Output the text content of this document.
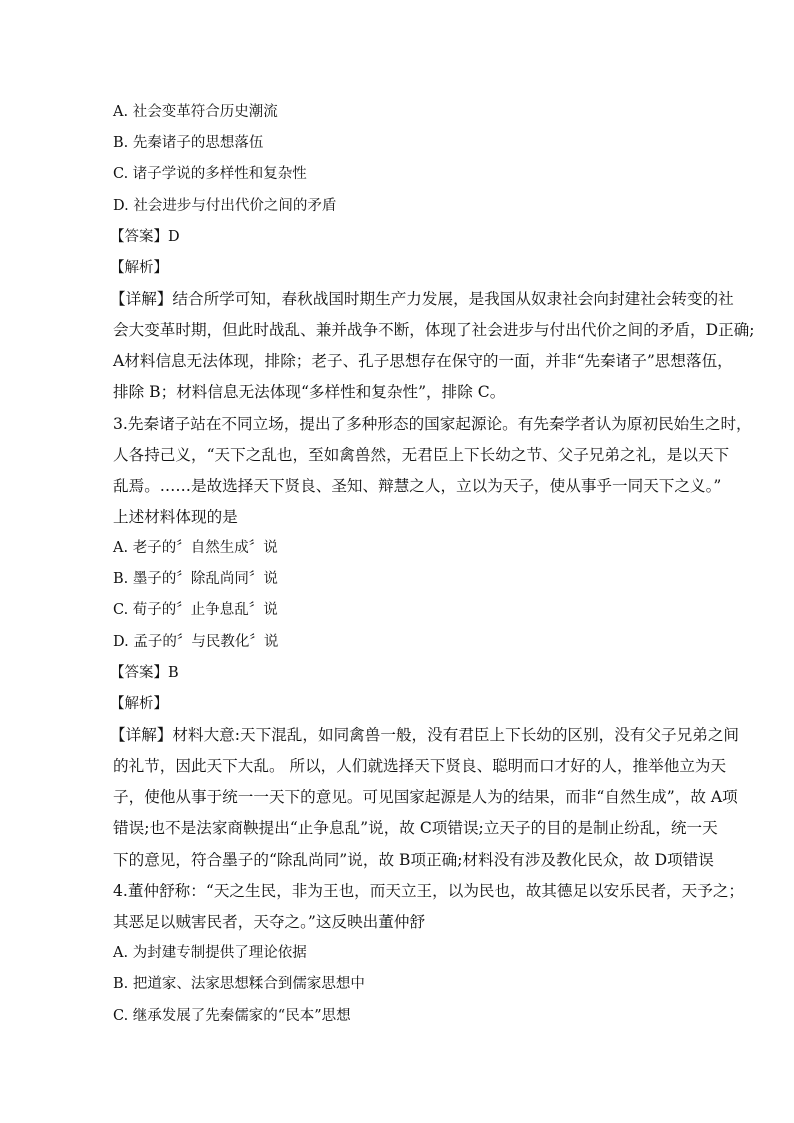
A. 社会变革符合历史潮流
B. 先秦诸子的思想落伍
C. 诸子学说的多样性和复杂性
D. 社会进步与付出代价之间的矛盾
【答案】D
【解析】
【详解】结合所学可知，春秋战国时期生产力发展，是我国从奴隶社会向封建社会转变的社
会大变革时期，但此时战乱、兼并战争不断，体现了社会进步与付出代价之间的矛盾，D正确;
A材料信息无法体现，排除；老子、孔子思想存在保守的一面，并非“先秦诸子”思想落伍，
排除 B；材料信息无法体现“多样性和复杂性”，排除 C。
3.先秦诸子站在不同立场，提出了多种形态的国家起源论。有先秦学者认为原初民始生之时，
人各持己义，“天下之乱也，至如禽兽然，无君臣上下长幼之节、父子兄弟之礼，是以天下
乱焉。……是故选择天下贤良、圣知、辩慧之人，立以为天子，使从事乎一同天下之义。”
上述材料体现的是
A. 老子的〞自然生成〞说
B. 墨子的〞除乱尚同〞说
C. 荀子的〞止争息乱〞说
D. 孟子的〞与民教化〞说
【答案】B
【解析】
【详解】材料大意:天下混乱，如同禽兽一般，没有君臣上下长幼的区别，没有父子兄弟之间
的礼节，因此天下大乱。 所以，人们就选择天下贤良、聪明而口才好的人，推举他立为天
子，使他从事于统一一天下的意见。可见国家起源是人为的结果，而非“自然生成”，故 A项
错误;也不是法家商鞅提出“止争息乱”说，故 C项错误;立天子的目的是制止纷乱，统一天
下的意见，符合墨子的“除乱尚同”说，故 B项正确;材料没有涉及教化民众，故 D项错误
4.董仲舒称：“天之生民，非为王也，而天立王，以为民也，故其德足以安乐民者，天予之；
其恶足以贼害民者，天夺之。”这反映出董仲舒
A. 为封建专制提供了理论依据
B. 把道家、法家思想糅合到儒家思想中
C. 继承发展了先秦儒家的“民本”思想
